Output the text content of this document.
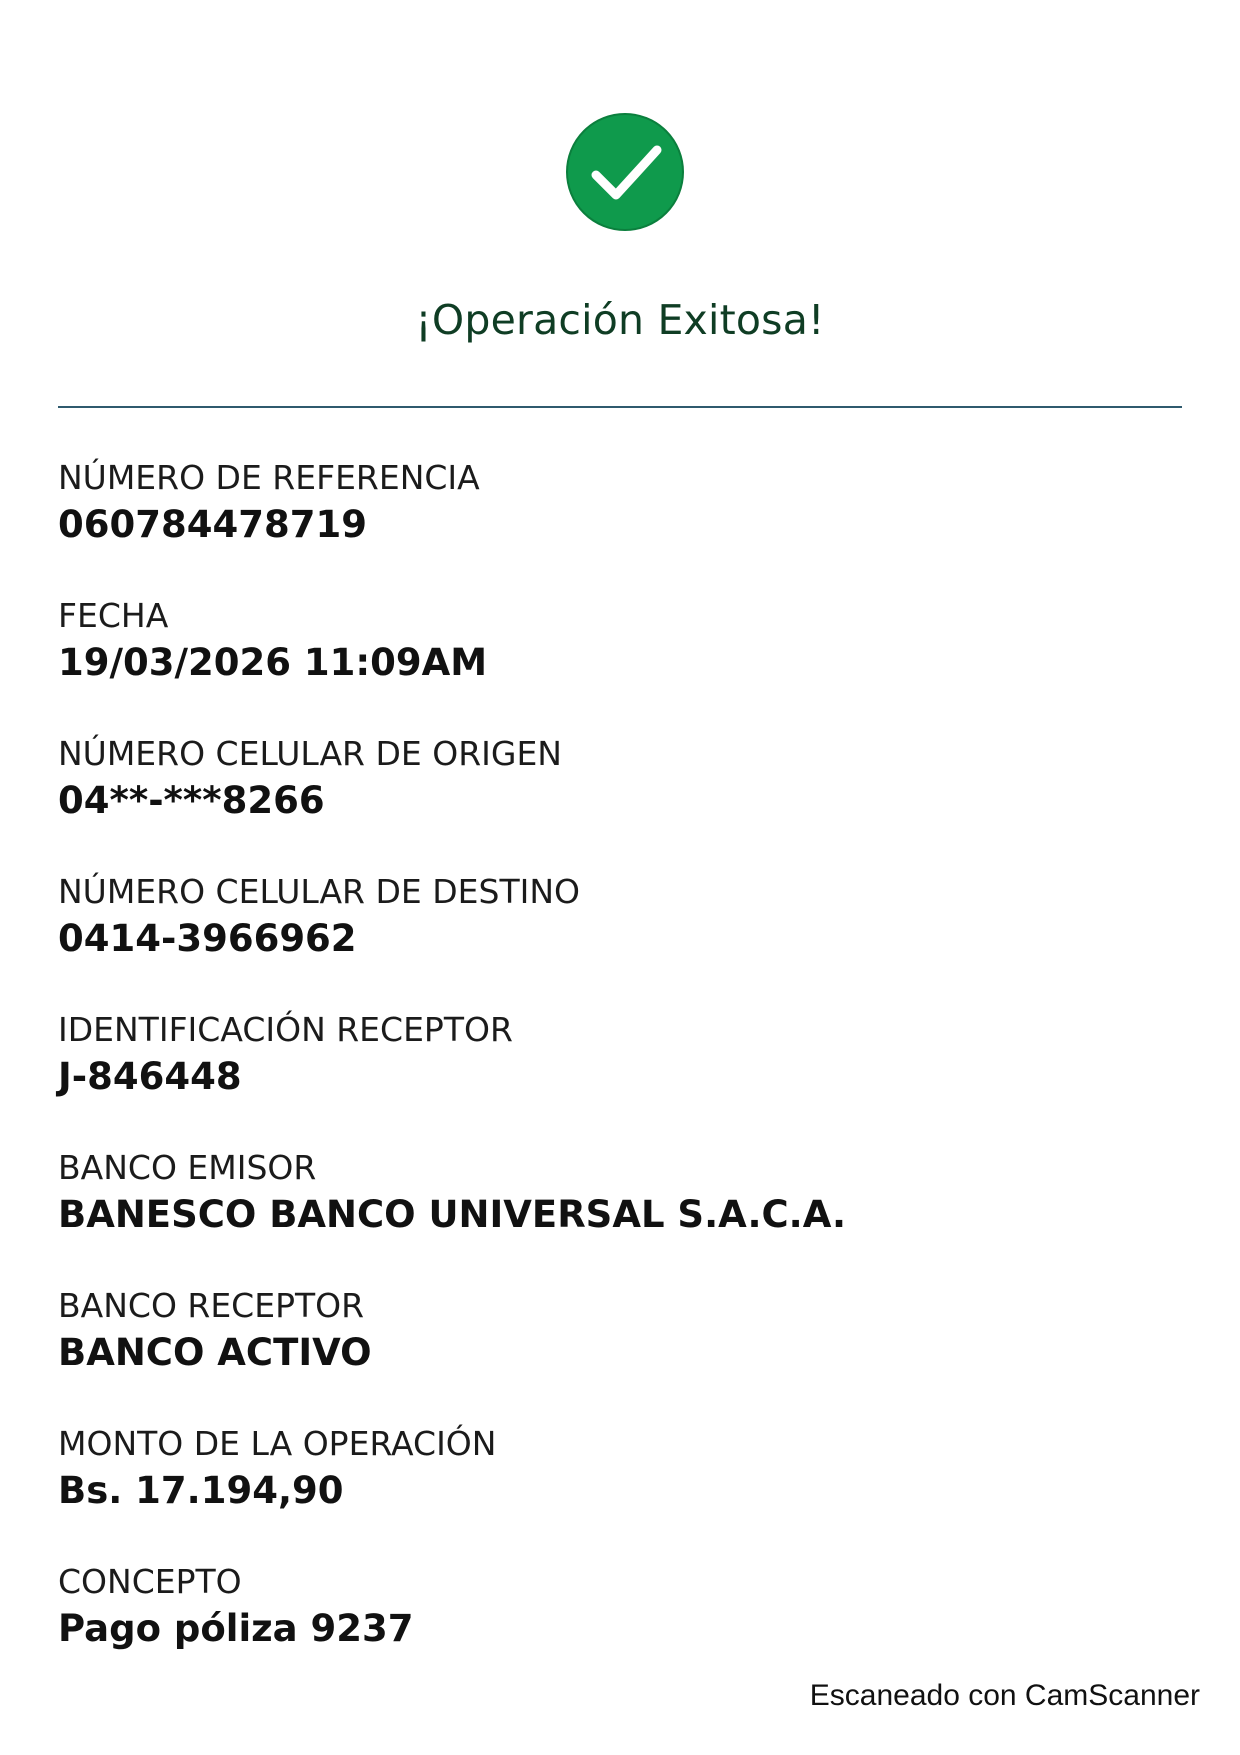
¡Operación Exitosa!
NÚMERO DE REFERENCIA
060784478719
FECHA
19/03/2026 11:09AM
NÚMERO CELULAR DE ORIGEN
04**-***8266
NÚMERO CELULAR DE DESTINO
0414-3966962
IDENTIFICACIÓN RECEPTOR
J-846448
BANCO EMISOR
BANESCO BANCO UNIVERSAL S.A.C.A.
BANCO RECEPTOR
BANCO ACTIVO
MONTO DE LA OPERACIÓN
Bs. 17.194,90
CONCEPTO
Pago póliza 9237
Escaneado con CamScanner
